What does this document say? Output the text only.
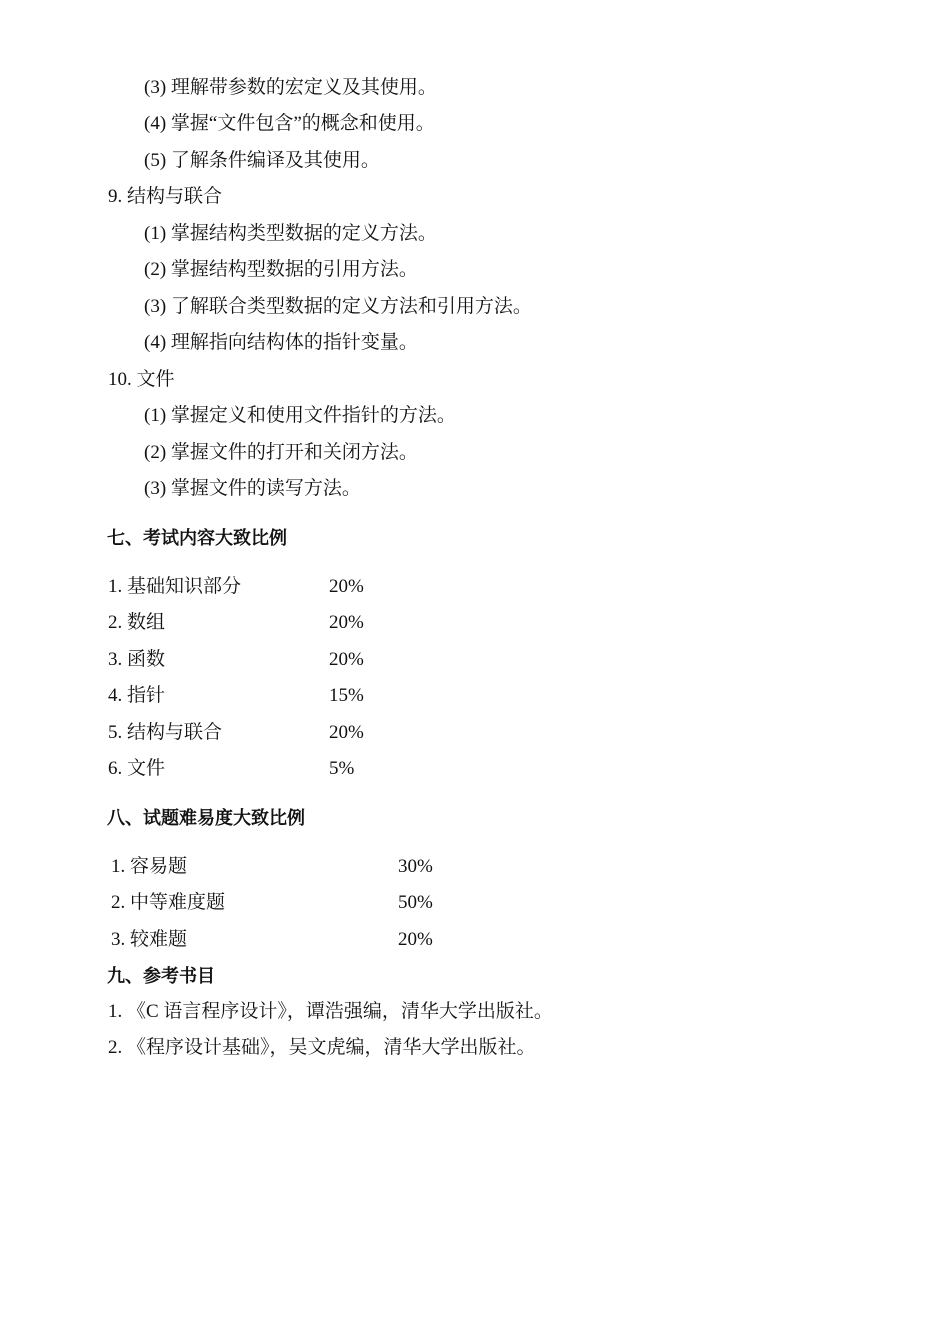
(3) 理解带参数的宏定义及其使用。
(4) 掌握“文件包含”的概念和使用。
(5) 了解条件编译及其使用。
9. 结构与联合
(1) 掌握结构类型数据的定义方法。
(2) 掌握结构型数据的引用方法。
(3) 了解联合类型数据的定义方法和引用方法。
(4) 理解指向结构体的指针变量。
10. 文件
(1) 掌握定义和使用文件指针的方法。
(2) 掌握文件的打开和关闭方法。
(3) 掌握文件的读写方法。
七、考试内容大致比例
1. 基础知识部分	20%
2. 数组	20%
3. 函数	20%
4. 指针	15%
5. 结构与联合	20%
6. 文件	5%
八、试题难易度大致比例
1. 容易题	30%
2. 中等难度题	50%
3. 较难题	20%
九、参考书目
1. 《C 语言程序设计》，谭浩强编，清华大学出版社。
2. 《程序设计基础》，吴文虎编，清华大学出版社。
